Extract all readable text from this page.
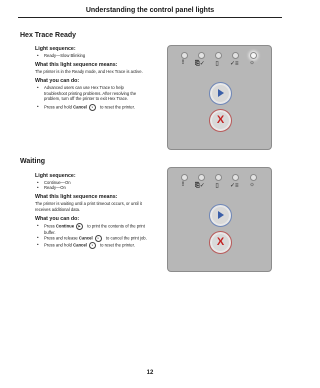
Understanding the control panel lights
Hex Trace Ready

Light sequence:

• Ready—Slow Blinking

What this light sequence means:

The printer is in the Ready mode, and Hex Trace is active.

What you can do:

• Advanced users can use Hex Trace to help troubleshoot printing problems. After resolving the problem, turn off the printer to exit Hex Trace.
• Press and hold Cancel x to reset the printer.
!	⎘✓	▯	✓≡ ☼
X
Waiting

Light sequence:

• Continue—On
• Ready—On

What this light sequence means:

The printer is waiting until a print timeout occurs, or until it receives additional data.

What you can do:

• Press Continue ▶ to print the contents of the print buffer.
• Press and release Cancel x to cancel the print job.
• Press and hold Cancel x to reset the printer.
!	⎘✓	▯	✓≡ ☼
X
12
